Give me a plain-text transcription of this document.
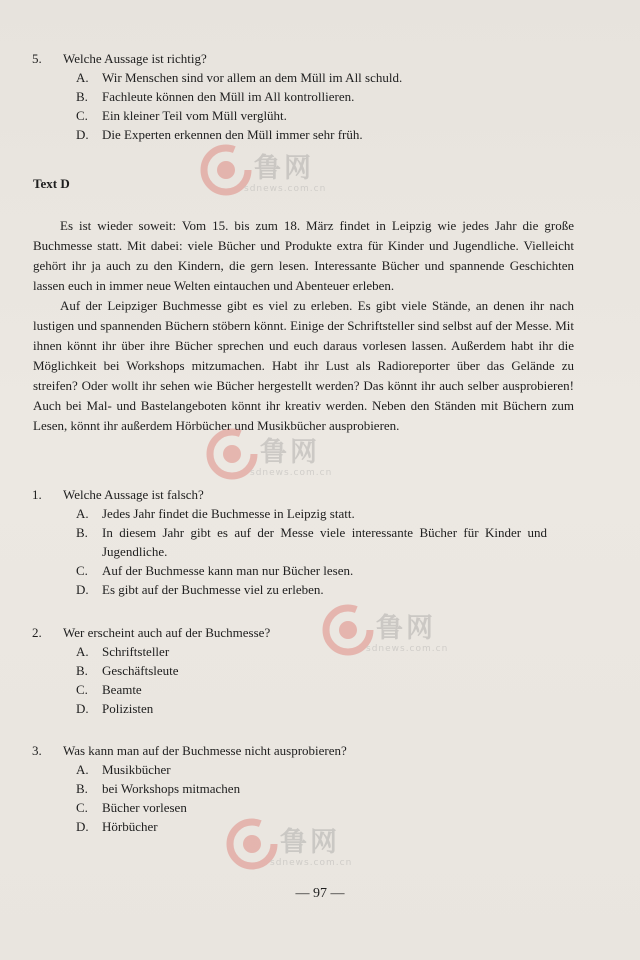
5.	Welche Aussage ist richtig?
A.	Wir Menschen sind vor allem an dem Müll im All schuld.
B.	Fachleute können den Müll im All kontrollieren.
C.	Ein kleiner Teil vom Müll verglüht.
D.	Die Experten erkennen den Müll immer sehr früh.
Text D

Es ist wieder soweit: Vom 15. bis zum 18. März findet in Leipzig wie jedes Jahr die große Buchmesse statt. Mit dabei: viele Bücher und Produkte extra für Kinder und Jugendliche. Vielleicht gehört ihr ja auch zu den Kindern, die gern lesen. Interessante Bücher und spannende Geschichten lassen euch in immer neue Welten eintauchen und Abenteuer erleben.

Auf der Leipziger Buchmesse gibt es viel zu erleben. Es gibt viele Stände, an denen ihr nach lustigen und spannenden Büchern stöbern könnt. Einige der Schriftsteller sind selbst auf der Messe. Mit ihnen könnt ihr über ihre Bücher sprechen und euch daraus vorlesen lassen. Außerdem habt ihr die Möglichkeit bei Workshops mitzumachen. Habt ihr Lust als Radioreporter über das Gelände zu streifen? Oder wollt ihr sehen wie Bücher hergestellt werden? Das könnt ihr auch selber ausprobieren! Auch bei Mal- und Bastelangeboten könnt ihr kreativ werden. Neben den Ständen mit Büchern zum Lesen, könnt ihr außerdem Hörbücher und Musikbücher ausprobieren.

1.	Welche Aussage ist falsch?
A.	Jedes Jahr findet die Buchmesse in Leipzig statt.
B.	In diesem Jahr gibt es auf der Messe viele interessante Bücher für Kinder und Jugendliche.
C.	Auf der Buchmesse kann man nur Bücher lesen.
D.	Es gibt auf der Buchmesse viel zu erleben.
2.	Wer erscheint auch auf der Buchmesse?
A.	Schriftsteller
B.	Geschäftsleute
C.	Beamte
D.	Polizisten
3.	Was kann man auf der Buchmesse nicht ausprobieren?
A.	Musikbücher
B.	bei Workshops mitmachen
C.	Bücher vorlesen
D.	Hörbücher
— 97 —
鲁网
sdnews.com.cn
鲁网
sdnews.com.cn
鲁网
sdnews.com.cn
鲁网
sdnews.com.cn
